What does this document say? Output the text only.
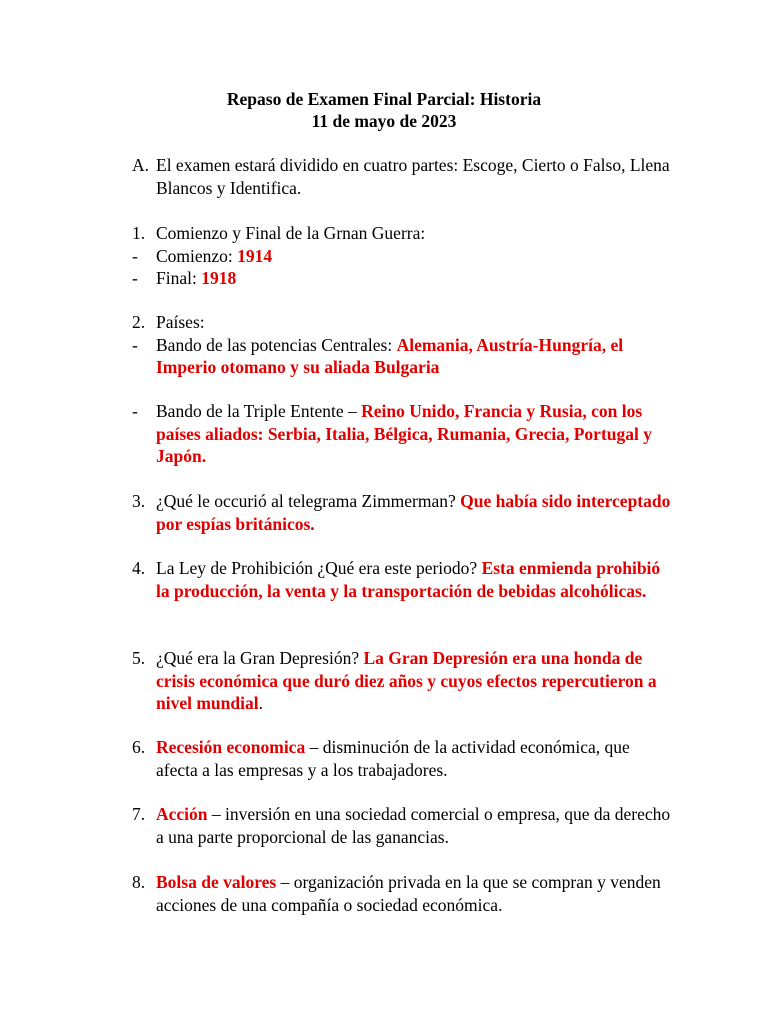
Repaso de Examen Final Parcial: Historia
11 de mayo de 2023
A. El examen estará dividido en cuatro partes: Escoge, Cierto o Falso, Llena Blancos y Identifica.
1. Comienzo y Final de la Grnan Guerra:
- Comienzo: 1914
- Final: 1918
2. Países:
- Bando de las potencias Centrales: Alemania, Austría-Hungría, el Imperio otomano y su aliada Bulgaria
- Bando de la Triple Entente – Reino Unido, Francia y Rusia, con los países aliados: Serbia, Italia, Bélgica, Rumania, Grecia, Portugal y Japón.
3. ¿Qué le occurió al telegrama Zimmerman? Que había sido interceptado por espías británicos.
4. La Ley de Prohibición ¿Qué era este periodo? Esta enmienda prohibió la producción, la venta y la transportación de bebidas alcohólicas.
5. ¿Qué era la Gran Depresión? La Gran Depresión era una honda de crisis económica que duró diez años y cuyos efectos repercutieron a nivel mundial.
6. Recesión economica – disminución de la actividad económica, que afecta a las empresas y a los trabajadores.
7. Acción – inversión en una sociedad comercial o empresa, que da derecho a una parte proporcional de las ganancias.
8. Bolsa de valores – organización privada en la que se compran y venden acciones de una compañía o sociedad económica.
